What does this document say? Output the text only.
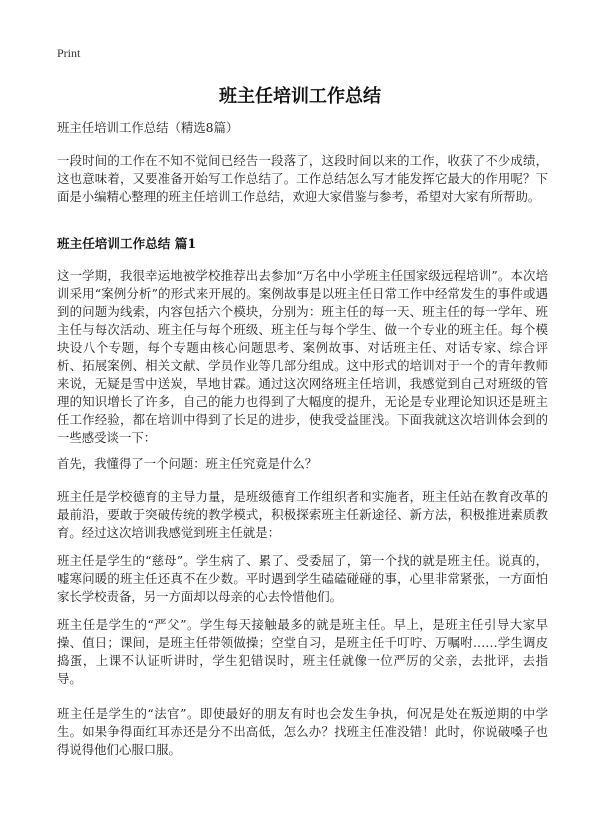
Print
班主任培训工作总结
班主任培训工作总结（精选8篇）

一段时间的工作在不知不觉间已经告一段落了，这段时间以来的工作，收获了不少成绩，这也意味着，又要准备开始写工作总结了。工作总结怎么写才能发挥它最大的作用呢？下面是小编精心整理的班主任培训工作总结，欢迎大家借鉴与参考，希望对大家有所帮助。

班主任培训工作总结 篇1

这一学期，我很幸运地被学校推荐出去参加“万名中小学班主任国家级远程培训”。本次培训采用“案例分析”的形式来开展的。案例故事是以班主任日常工作中经常发生的事件或遇到的问题为线索，内容包括六个模块，分别为：班主任的每一天、班主任的每一学年、班主任与每次活动、班主任与每个班级、班主任与每个学生、做一个专业的班主任。每个模块设八个专题，每个专题由核心问题思考、案例故事、对话班主任、对话专家、综合评析、拓展案例、相关文献、学员作业等几部分组成。这中形式的培训对于一个的青年教师来说，无疑是雪中送炭，旱地甘霖。通过这次网络班主任培训，我感觉到自己对班级的管理的知识增长了许多，自己的能力也得到了大幅度的提升，无论是专业理论知识还是班主任工作经验，都在培训中得到了长足的进步，使我受益匪浅。下面我就这次培训体会到的一些感受谈一下：

首先，我懂得了一个问题：班主任究竟是什么？

班主任是学校德育的主导力量，是班级德育工作组织者和实施者，班主任站在教育改革的最前沿，要敢于突破传统的教学模式，积极探索班主任新途径、新方法，积极推进素质教育。经过这次培训我感觉到班主任就是：

班主任是学生的“慈母”。学生病了、累了、受委屈了，第一个找的就是班主任。说真的，嘘寒问暖的班主任还真不在少数。平时遇到学生磕磕碰碰的事，心里非常紧张，一方面怕家长学校责备，另一方面却以母亲的心去怜惜他们。

班主任是学生的“严父”。学生每天接触最多的就是班主任。早上，是班主任引导大家早操、值日；课间，是班主任带领做操；空堂自习，是班主任千叮咛、万嘱咐……学生调皮捣蛋，上课不认证听讲时，学生犯错误时，班主任就像一位严厉的父亲，去批评，去指导。

班主任是学生的“法官”。即使最好的朋友有时也会发生争执，何况是处在叛逆期的中学生。如果争得面红耳赤还是分不出高低，怎么办？找班主任准没错！此时，你说破嗓子也得说得他们心服口服。
